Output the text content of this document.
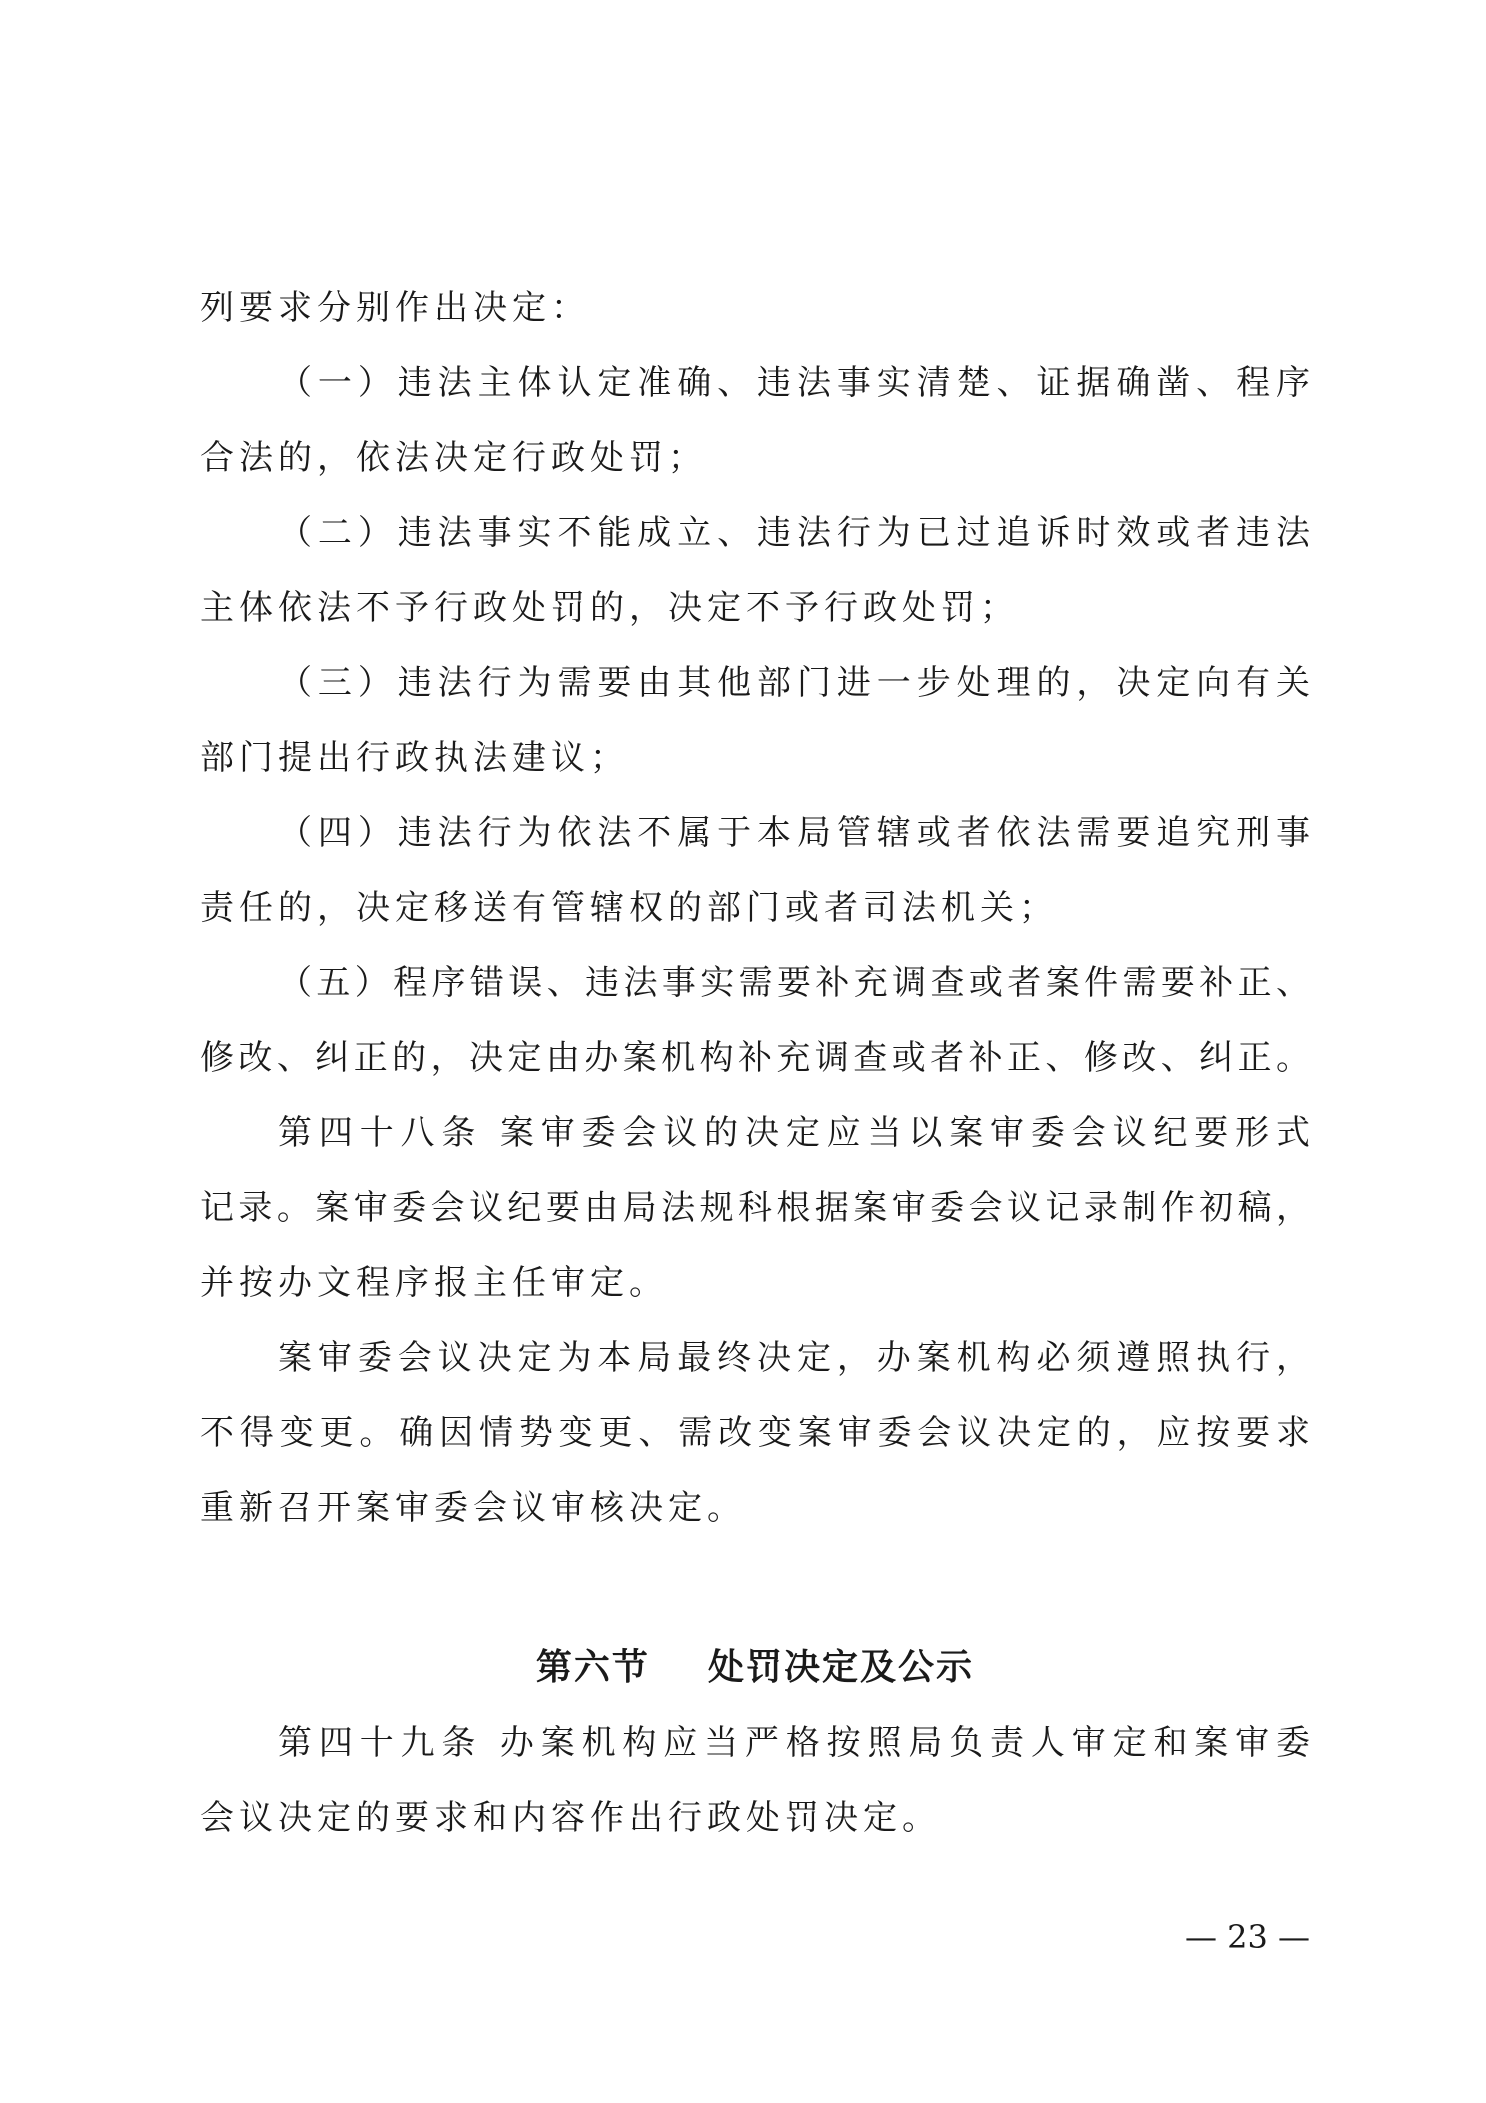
列要求分别作出决定：
（一）违法主体认定准确、违法事实清楚、证据确凿、程序
合法的，依法决定行政处罚；
（二）违法事实不能成立、违法行为已过追诉时效或者违法
主体依法不予行政处罚的，决定不予行政处罚；
（三）违法行为需要由其他部门进一步处理的，决定向有关
部门提出行政执法建议；
（四）违法行为依法不属于本局管辖或者依法需要追究刑事
责任的，决定移送有管辖权的部门或者司法机关；
（五）程序错误、违法事实需要补充调查或者案件需要补正、
修改、纠正的，决定由办案机构补充调查或者补正、修改、纠正。
第四十八条 案审委会议的决定应当以案审委会议纪要形式
记录。案审委会议纪要由局法规科根据案审委会议记录制作初稿，
并按办文程序报主任审定。
案审委会议决定为本局最终决定，办案机构必须遵照执行，
不得变更。确因情势变更、需改变案审委会议决定的，应按要求
重新召开案审委会议审核决定。
第六节    处罚决定及公示
第四十九条 办案机构应当严格按照局负责人审定和案审委
会议决定的要求和内容作出行政处罚决定。
— 23 —
